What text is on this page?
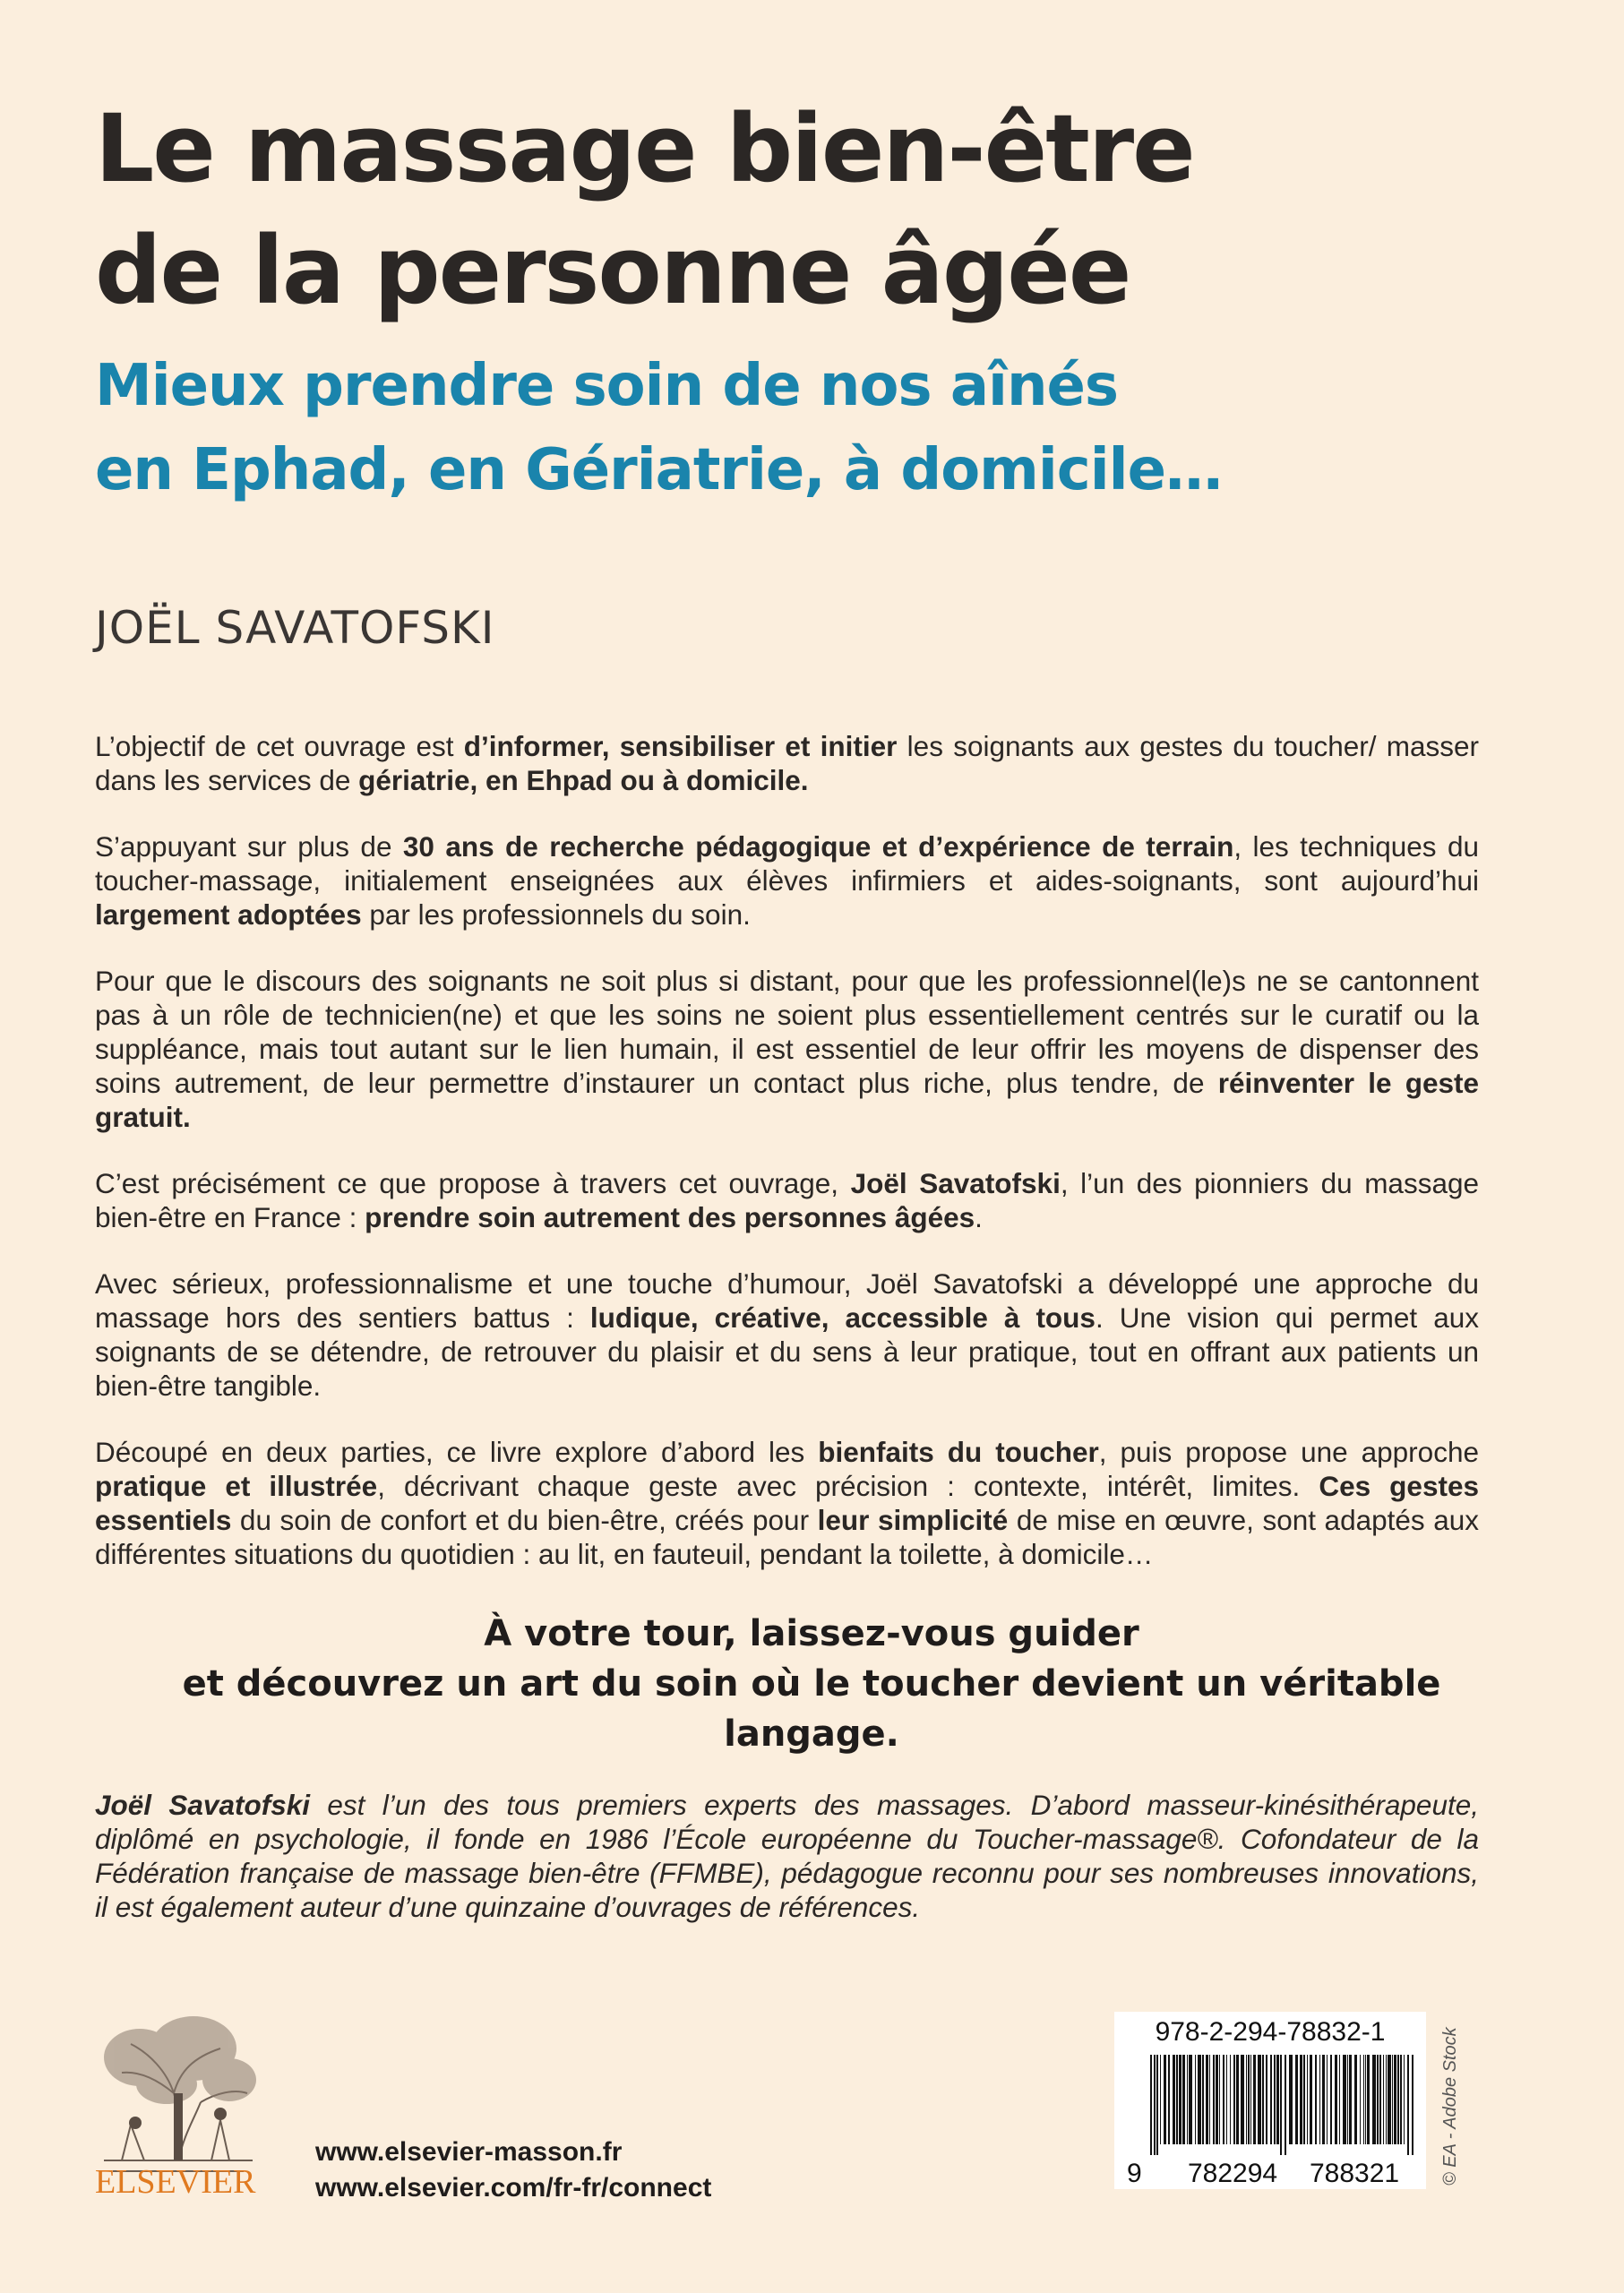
Le massage bien-être
de la personne âgée
Mieux prendre soin de nos aînés
en Ephad, en Gériatrie, à domicile…
JOËL SAVATOFSKI

L’objectif de cet ouvrage est d’informer, sensibiliser et initier les soignants aux gestes du toucher/ masser dans les services de gériatrie, en Ehpad ou à domicile.

S’appuyant sur plus de 30 ans de recherche pédagogique et d’expérience de terrain, les techniques du toucher-massage, initialement enseignées aux élèves infirmiers et aides-soignants, sont aujourd’hui largement adoptées par les professionnels du soin.

Pour que le discours des soignants ne soit plus si distant, pour que les professionnel(le)s ne se cantonnent pas à un rôle de technicien(ne) et que les soins ne soient plus essentiellement centrés sur le curatif ou la suppléance, mais tout autant sur le lien humain, il est essentiel de leur offrir les moyens de dispenser des soins autrement, de leur permettre d’instaurer un contact plus riche, plus tendre, de réinventer le geste gratuit.

C’est précisément ce que propose à travers cet ouvrage, Joël Savatofski, l’un des pionniers du massage bien-être en France : prendre soin autrement des personnes âgées.

Avec sérieux, professionnalisme et une touche d’humour, Joël Savatofski a développé une approche du massage hors des sentiers battus : ludique, créative, accessible à tous. Une vision qui permet aux soignants de se détendre, de retrouver du plaisir et du sens à leur pratique, tout en offrant aux patients un bien-être tangible.

Découpé en deux parties, ce livre explore d’abord les bienfaits du toucher, puis propose une approche pratique et illustrée, décrivant chaque geste avec précision : contexte, intérêt, limites. Ces gestes essentiels du soin de confort et du bien-être, créés pour leur simplicité de mise en œuvre, sont adaptés aux différentes situations du quotidien : au lit, en fauteuil, pendant la toilette, à domicile…

À votre tour, laissez-vous guider
et découvrez un art du soin où le toucher devient un véritable langage.
Joël Savatofski est l’un des tous premiers experts des massages. D’abord masseur-kinésithérapeute, diplômé en psychologie, il fonde en 1986 l’École européenne du Toucher-massage®. Cofondateur de la Fédération française de massage bien-être (FFMBE), pédagogue reconnu pour ses nombreuses innovations, il est également auteur d’une quinzaine d’ouvrages de références.
ELSEVIER
www.elsevier-masson.fr
www.elsevier.com/fr-fr/connect
978-2-294-78832-1
9 782294 788321 © EA - Adobe Stock
